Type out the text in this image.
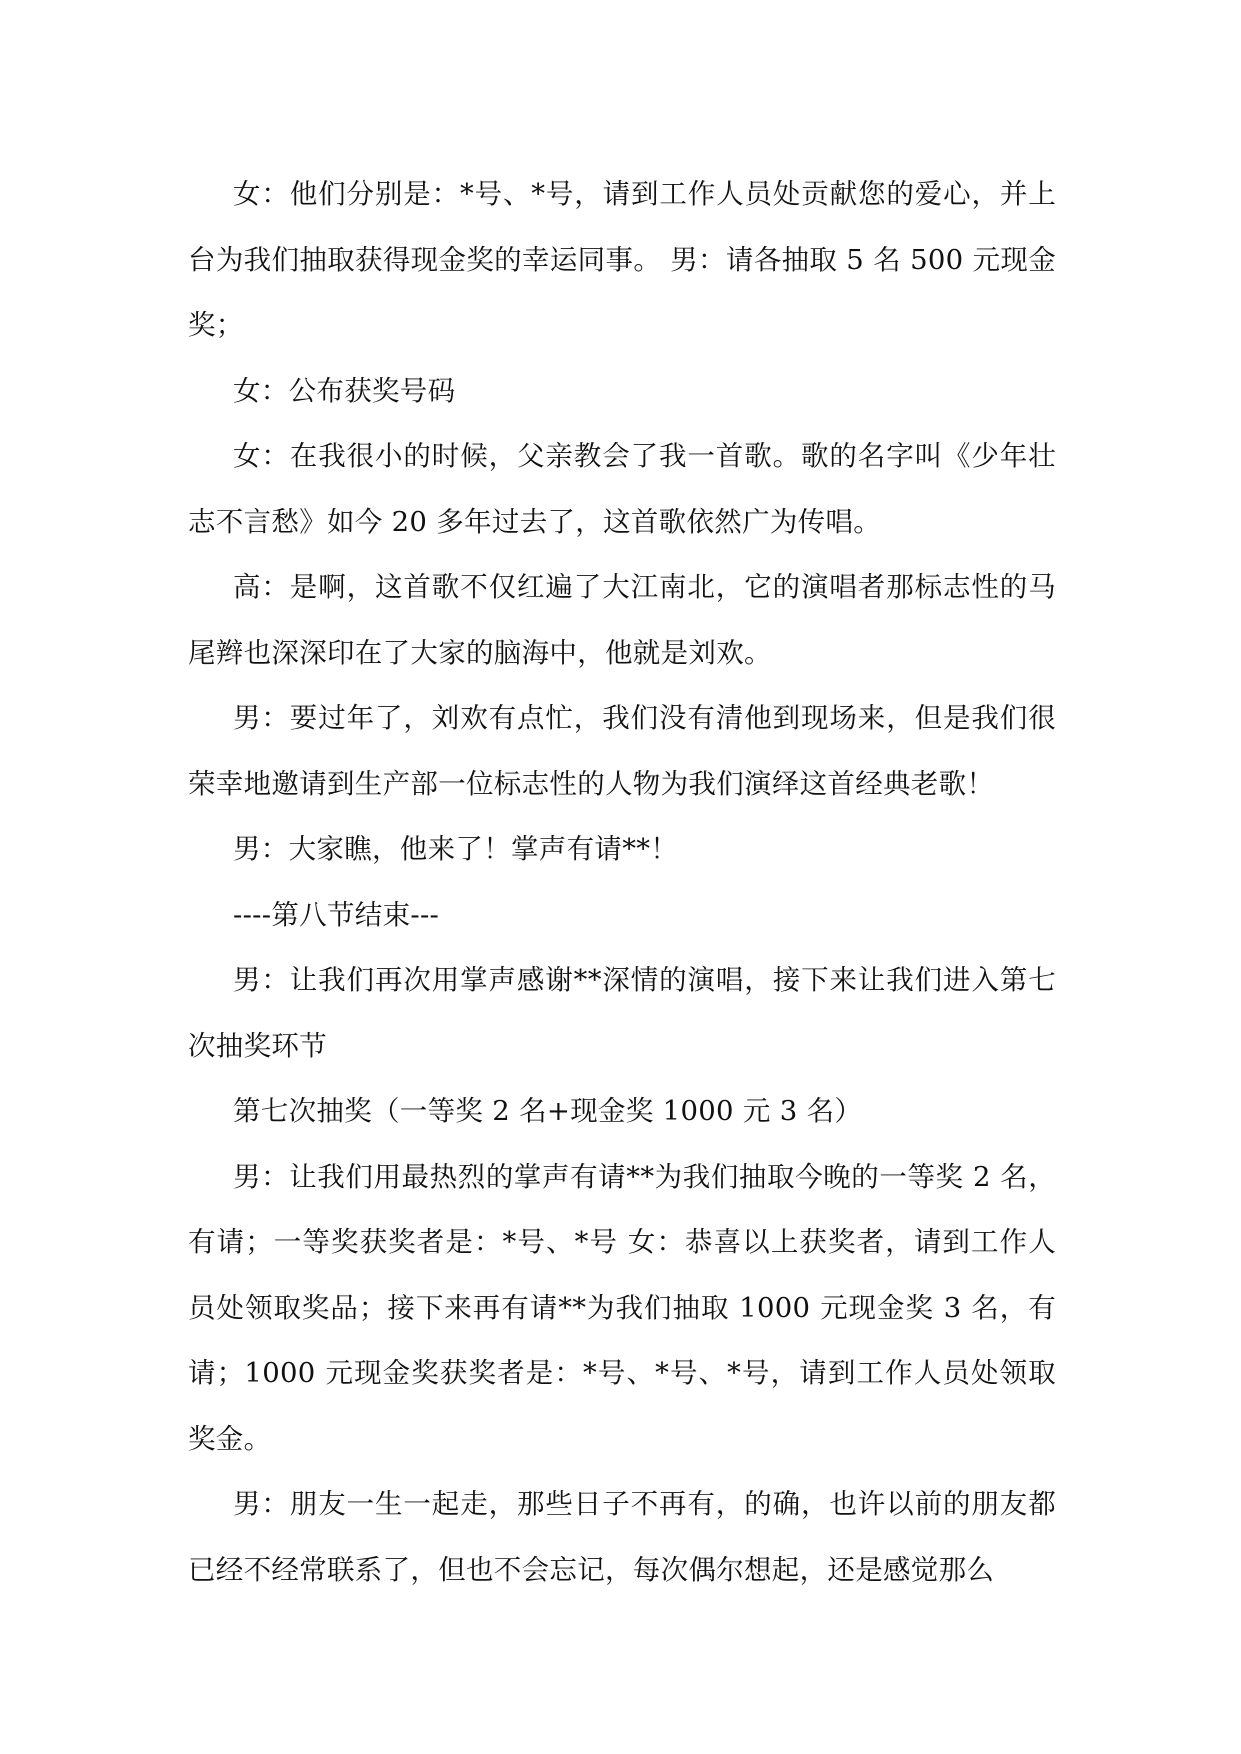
女：他们分别是：*号、*号，请到工作人员处贡献您的爱心，并上台为我们抽取获得现金奖的幸运同事。 男：请各抽取 5 名 500 元现金奖；

女：公布获奖号码

女：在我很小的时候，父亲教会了我一首歌。歌的名字叫《少年壮志不言愁》如今 20 多年过去了，这首歌依然广为传唱。

高：是啊，这首歌不仅红遍了大江南北，它的演唱者那标志性的马尾辫也深深印在了大家的脑海中，他就是刘欢。

男：要过年了，刘欢有点忙，我们没有清他到现场来，但是我们很荣幸地邀请到生产部一位标志性的人物为我们演绎这首经典老歌！

男：大家瞧，他来了！掌声有请**！

----第八节结束---

男：让我们再次用掌声感谢**深情的演唱，接下来让我们进入第七次抽奖环节

第七次抽奖（一等奖 2 名+现金奖 1000 元 3 名）

男：让我们用最热烈的掌声有请**为我们抽取今晚的一等奖 2 名，有请；一等奖获奖者是：*号、*号 女：恭喜以上获奖者，请到工作人员处领取奖品；接下来再有请**为我们抽取 1000 元现金奖 3 名，有请；1000 元现金奖获奖者是：*号、*号、*号，请到工作人员处领取奖金。

男：朋友一生一起走，那些日子不再有，的确，也许以前的朋友都已经不经常联系了，但也不会忘记，每次偶尔想起，还是感觉那么
